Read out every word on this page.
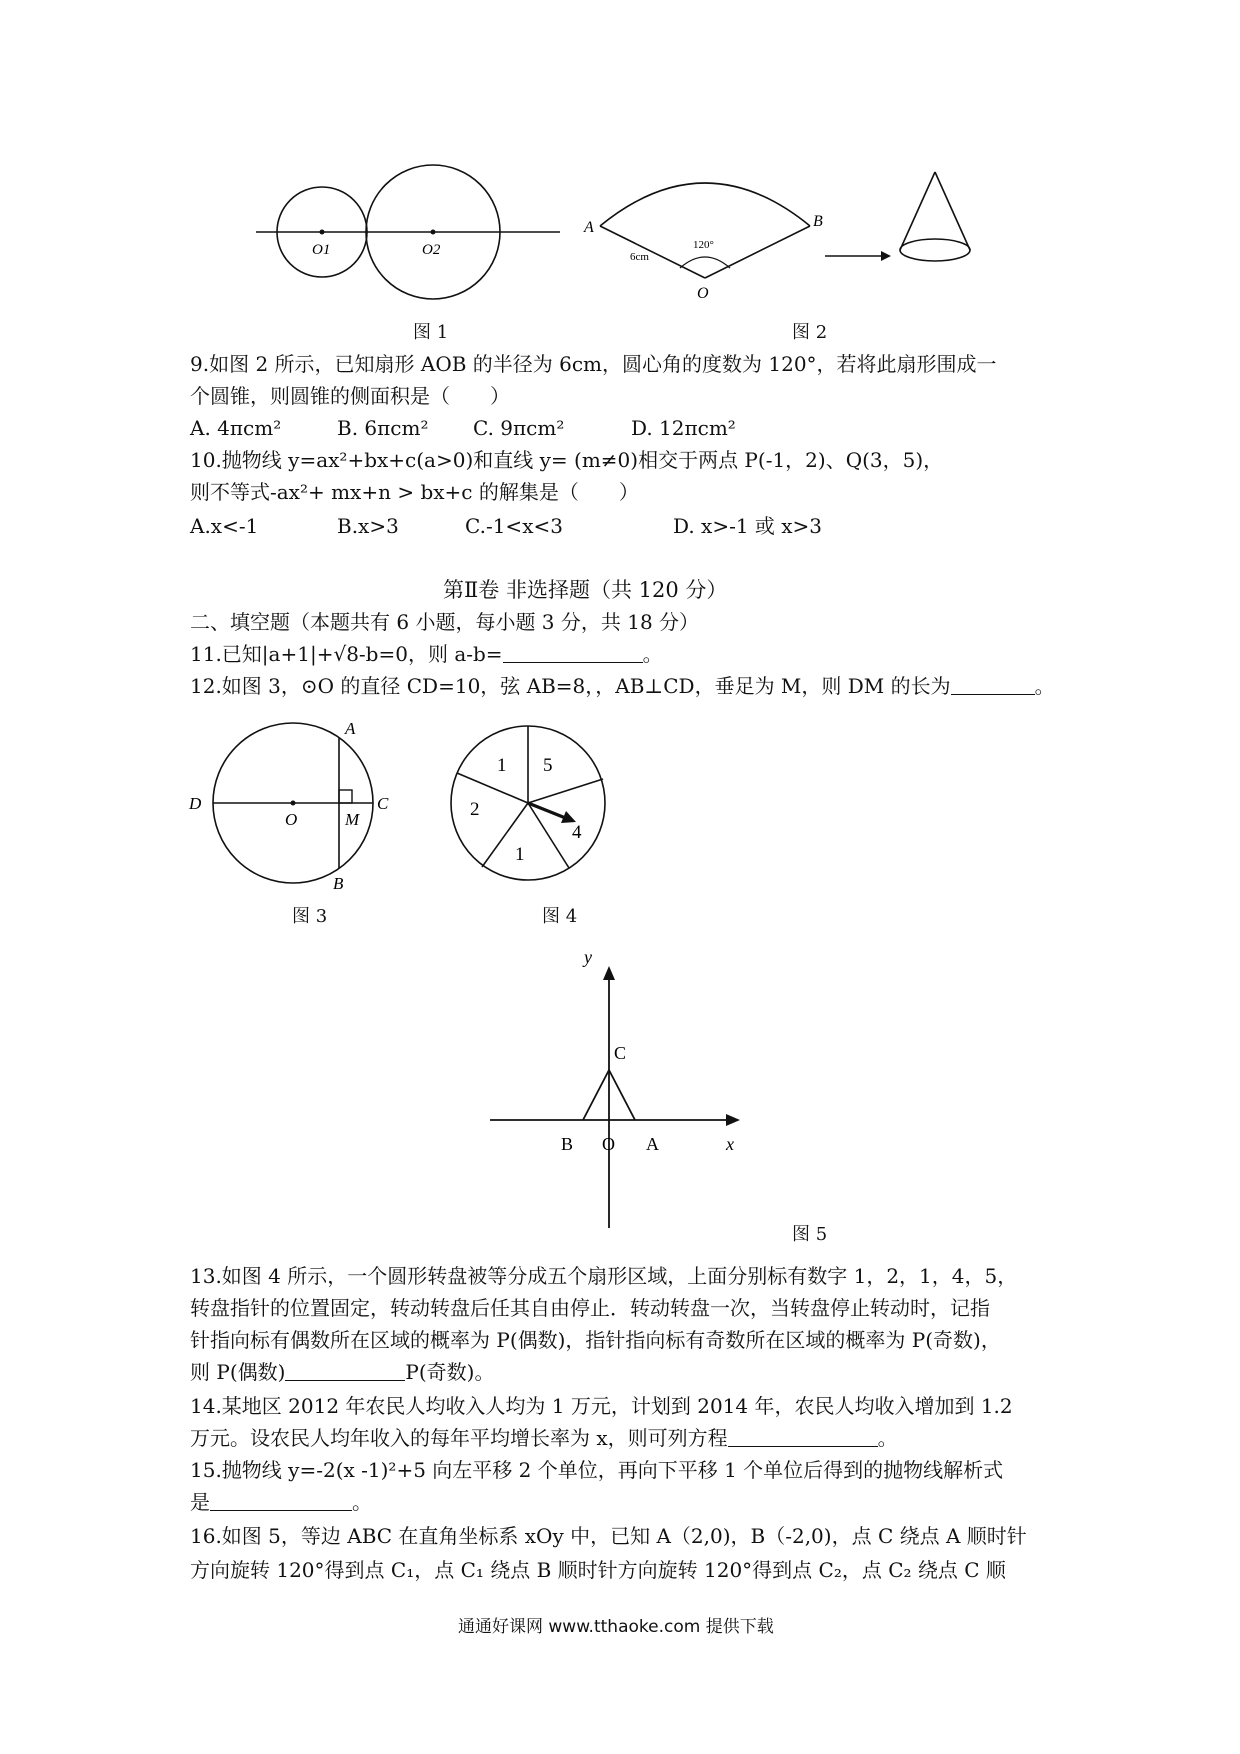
O1	O2
图 1
A	B
O
120°
6cm
图 2
9.如图 2 所示，已知扇形 AOB 的半径为 6cm，圆心角的度数为 120°，若将此扇形围成一
个圆锥，则圆锥的侧面积是（　　）
A. 4πcm²	B. 6πcm² C. 9πcm²	D. 12πcm²
10.抛物线 y=ax²+bx+c(a>0)和直线 y= (m≠0)相交于两点 P(-1，2)、Q(3，5)，
则不等式-ax²+ mx+n > bx+c 的解集是（　　）
A.x<-1	B.x>3	C.-1<x<3	D. x>-1 或 x>3
第Ⅱ卷 非选择题（共 120 分）
二、填空题（本题共有 6 小题，每小题 3 分，共 18 分）
11.已知|a+1|+√8-b=0，则 a-b=	。
12.如图 3，⊙O 的直径 CD=10，弦 AB=8，，AB⊥CD，垂足为 M，则 DM 的长为	。
A
B
C
D
O	M
图 3
1 5
2
4
1
图 4
y
x
C
B O A
图 5
13.如图 4 所示，一个圆形转盘被等分成五个扇形区域，上面分别标有数字 1，2，1，4，5，
转盘指针的位置固定，转动转盘后任其自由停止．转动转盘一次，当转盘停止转动时，记指
针指向标有偶数所在区域的概率为 P(偶数)，指针指向标有奇数所在区域的概率为 P(奇数)，
则 P(偶数)	P(奇数)。
14.某地区 2012 年农民人均收入人均为 1 万元，计划到 2014 年，农民人均收入增加到 1.2
万元。设农民人均年收入的每年平均增长率为 x，则可列方程	。
15.抛物线 y=-2(x -1)²+5 向左平移 2 个单位，再向下平移 1 个单位后得到的抛物线解析式
是	。
16.如图 5，等边 ABC 在直角坐标系 xOy 中，已知 A（2,0)，B（-2,0)，点 C 绕点 A 顺时针
方向旋转 120°得到点 C₁，点 C₁ 绕点 B 顺时针方向旋转 120°得到点 C₂，点 C₂ 绕点 C 顺
通通好课网 www.tthaoke.com 提供下载
